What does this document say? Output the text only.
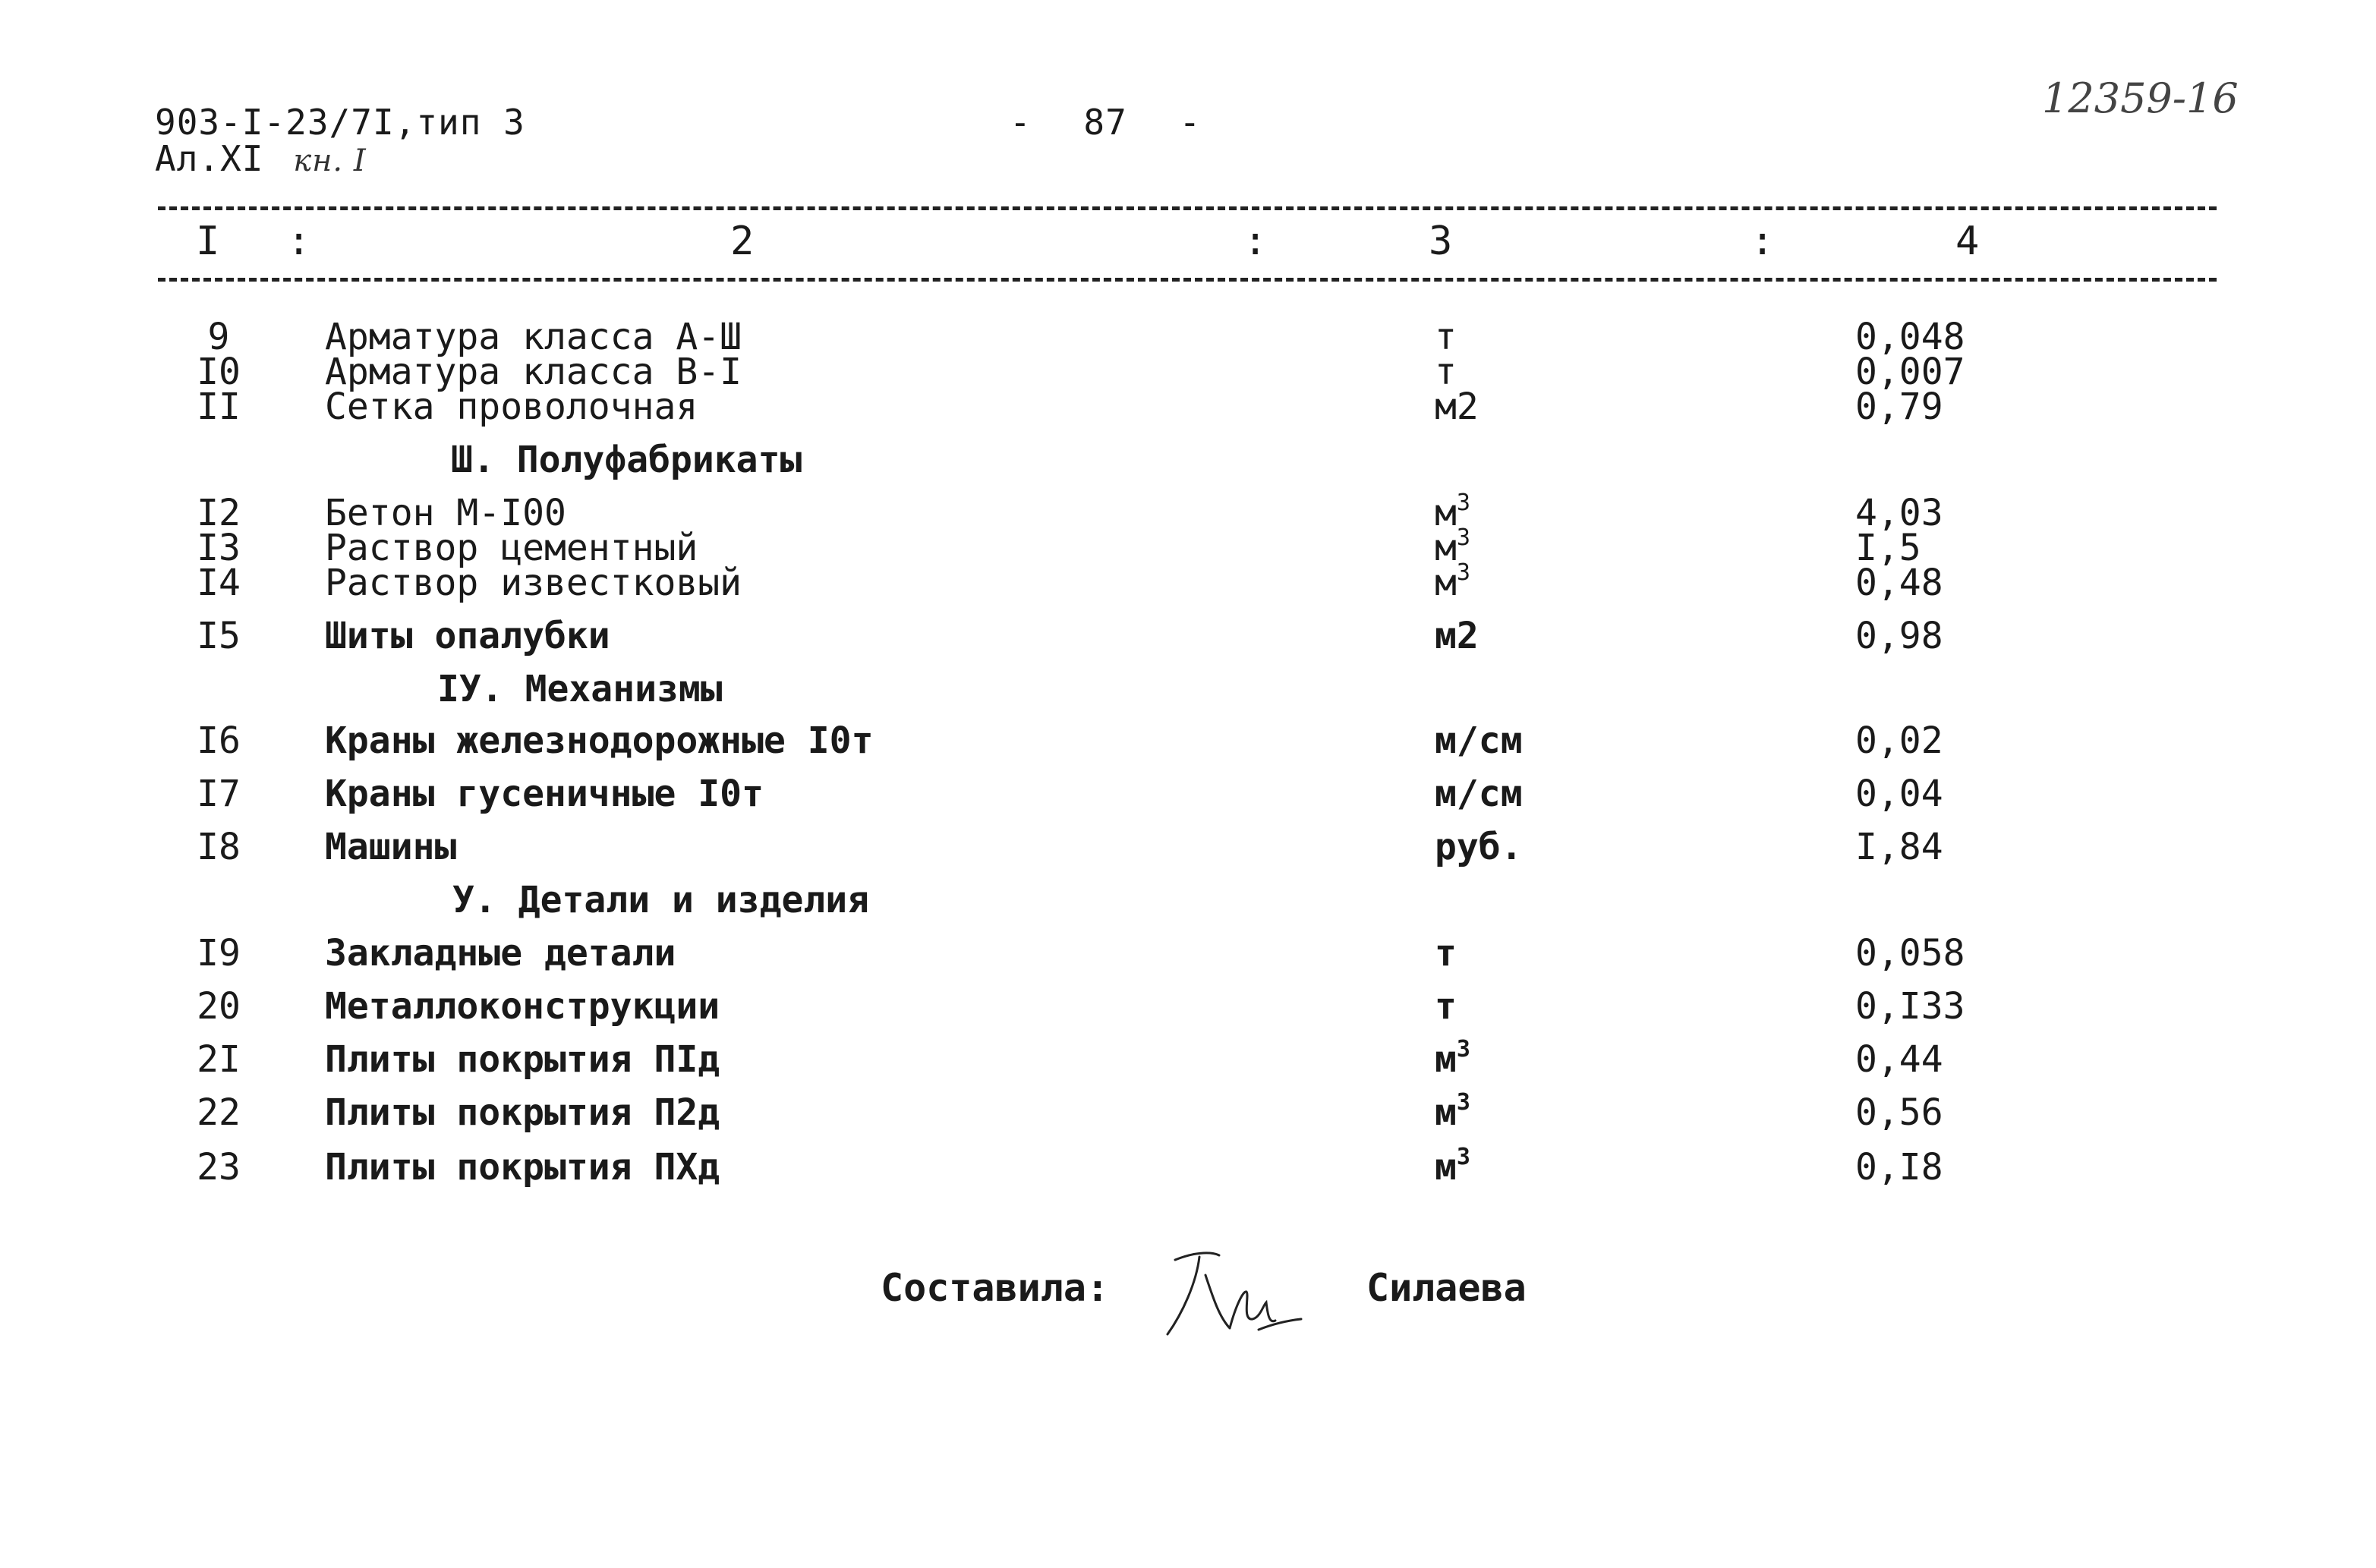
903-I-23/7I,тип 3
Ал.XI кн. I
- 87 -	12359-16
I :	2	:	3	:	4
9	Арматура класса А-Ш	т	0,048
I0 Арматура класса В-I	т	0,007
II Сетка проволочная	м2	0,79
Ш. Полуфабрикаты
I2 Бетон М-I00	$м^3$	4,03
I3 Раствор цементный	$м^3$	I,5
I4 Раствор известковый	$м^3$	0,48
I5 Шиты опалубки	м2	0,98
IУ. Механизмы
I6 Краны железнодорожные I0т	м/см	0,02
I7 Краны гусеничные I0т	м/см	0,04
I8 Машины	руб.	I,84
У. Детали и изделия
I9 Закладные детали	т	0,058
20 Металлоконструкции	т	0,I33
2I Плиты покрытия ПIд	$м^3$	0,44
22 Плиты покрытия П2д	$м^3$	0,56
23 Плиты покрытия ПХд	$м^3$	0,I8
Составила:	Силаева
